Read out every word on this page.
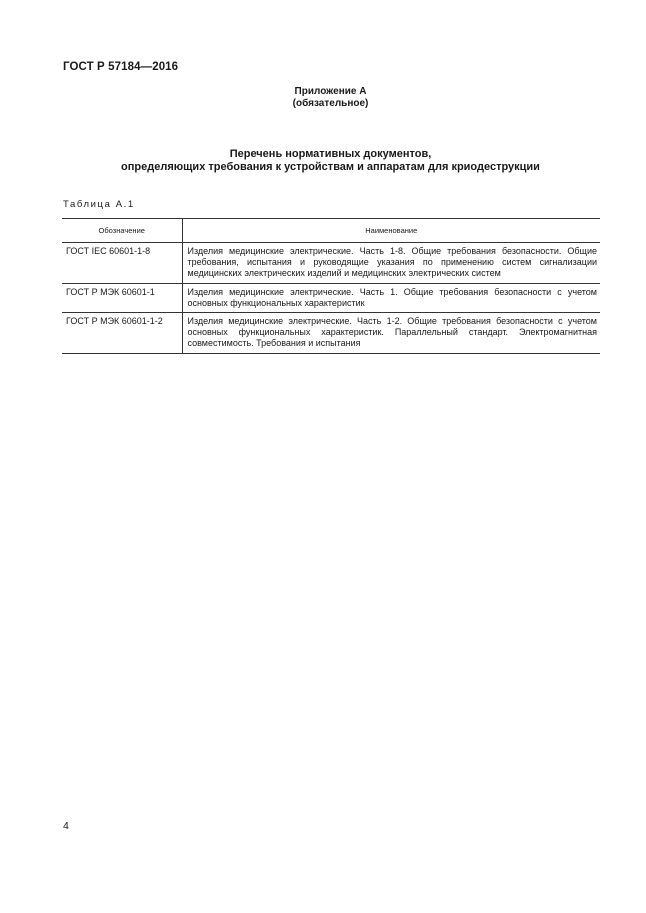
ГОСТ Р 57184—2016
Приложение А
(обязательное)
Перечень нормативных документов,
определяющих требования к устройствам и аппаратам для криодеструкции
Таблица А.1
Обозначение	Наименование
ГОСТ IEC 60601-1-8	Изделия медицинские электрические. Часть 1-8. Общие требования безопасности. Общие требования, испытания и руководящие указания по применению систем сигнализации медицинских электрических изделий и медицинских электрических систем
ГОСТ Р МЭК 60601-1	Изделия медицинские электрические. Часть 1. Общие требования безопасности с учетом основных функциональных характеристик
ГОСТ Р МЭК 60601-1-2	Изделия медицинские электрические. Часть 1-2. Общие требования безопасности с учетом основных функциональных характеристик. Параллельный стандарт. Электромагнитная совместимость. Требования и испытания
4
